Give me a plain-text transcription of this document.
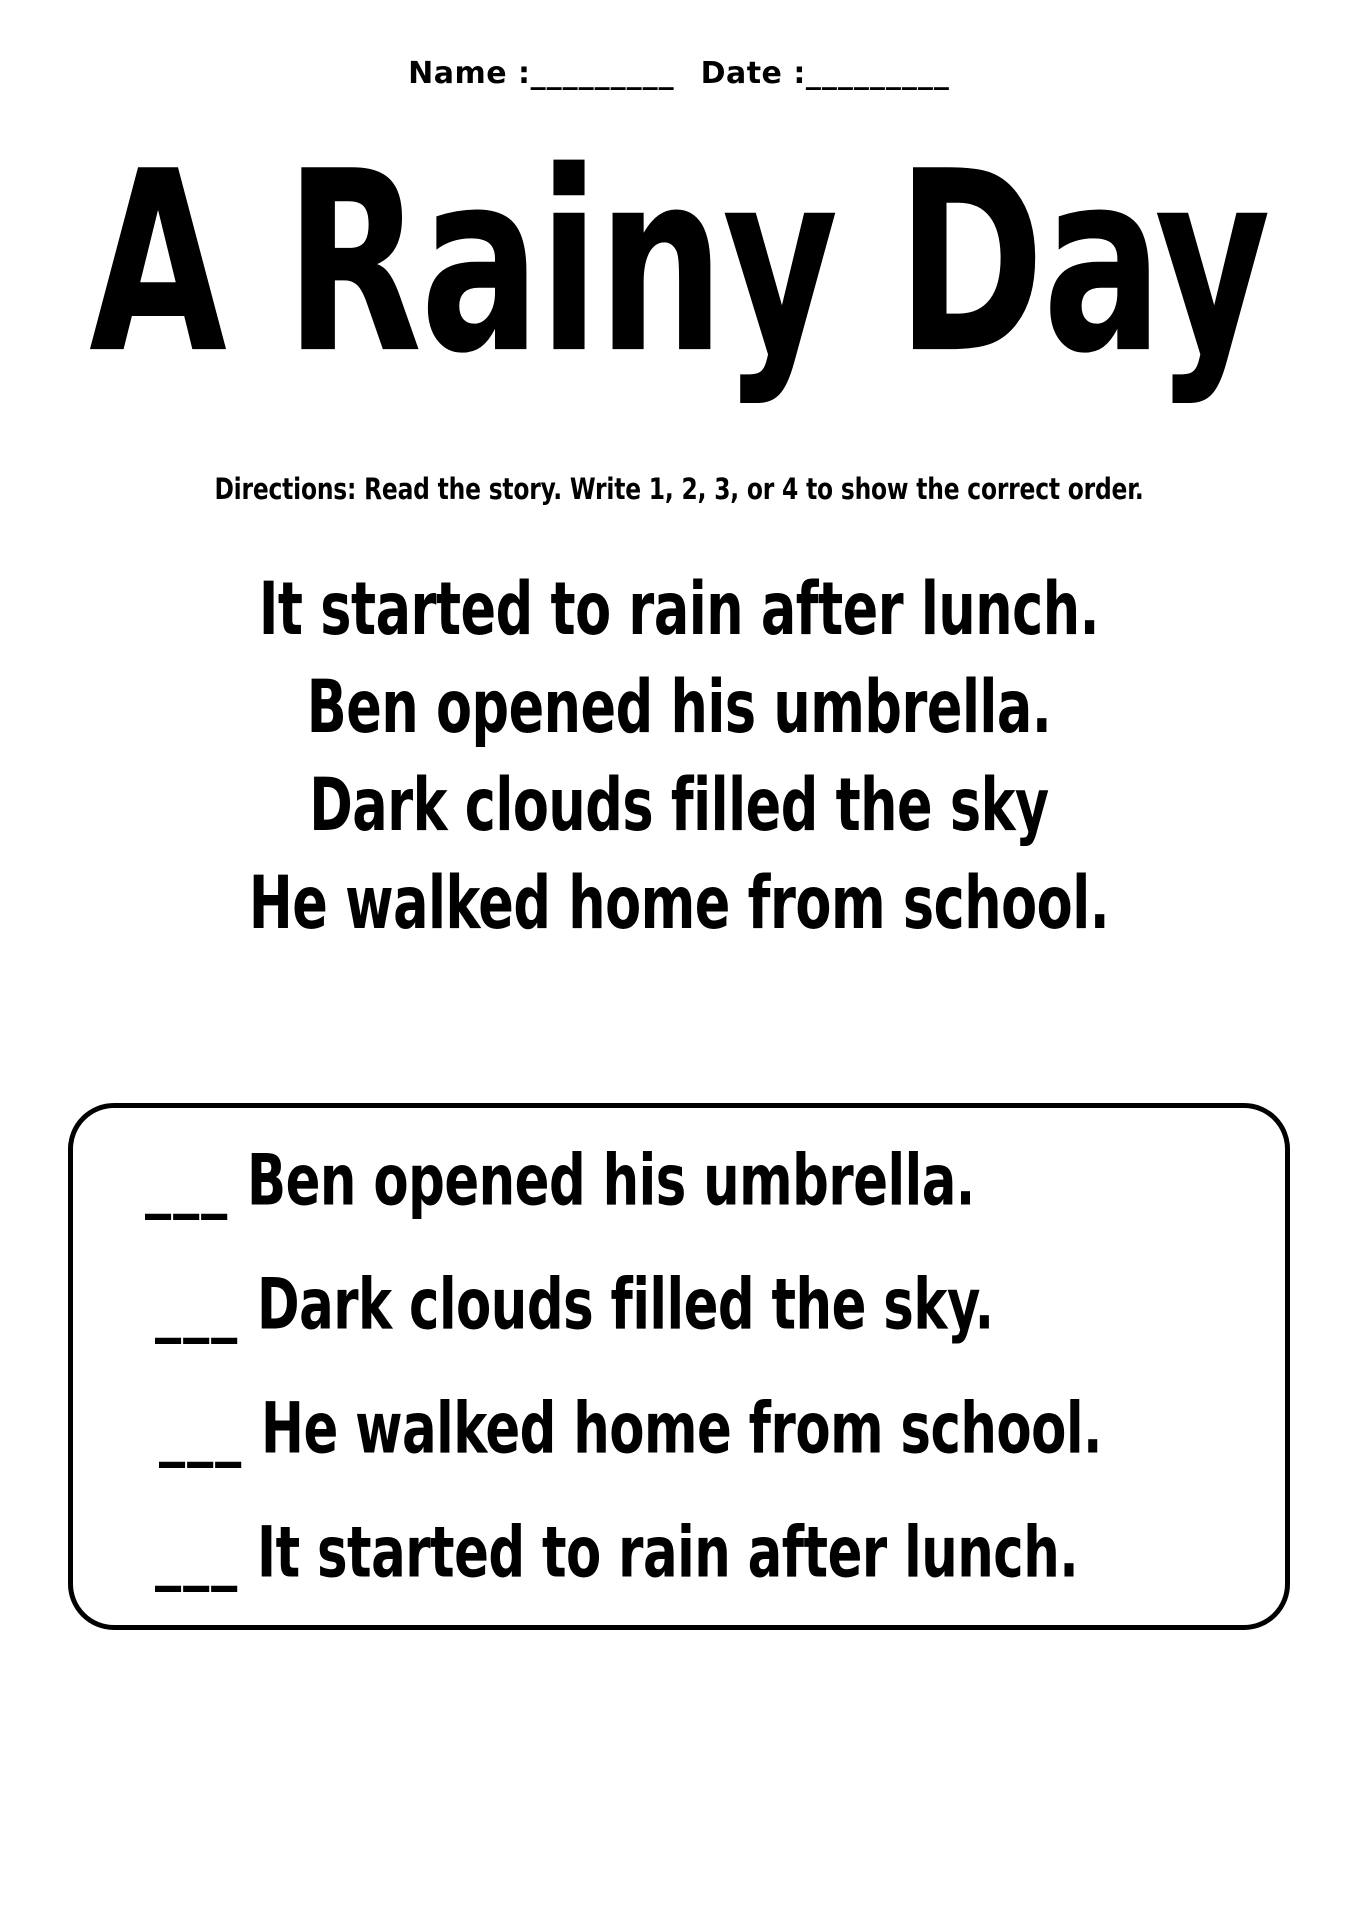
Name :_________ Date :_________
A Rainy Day
Directions: Read the story. Write 1, 2, 3, or 4 to show the correct order.
It started to rain after lunch.
Ben opened his umbrella.
Dark clouds filled the sky
He walked home from school.
___ Ben opened his umbrella.
___ Dark clouds filled the sky.
___ He walked home from school.
___ It started to rain after lunch.
